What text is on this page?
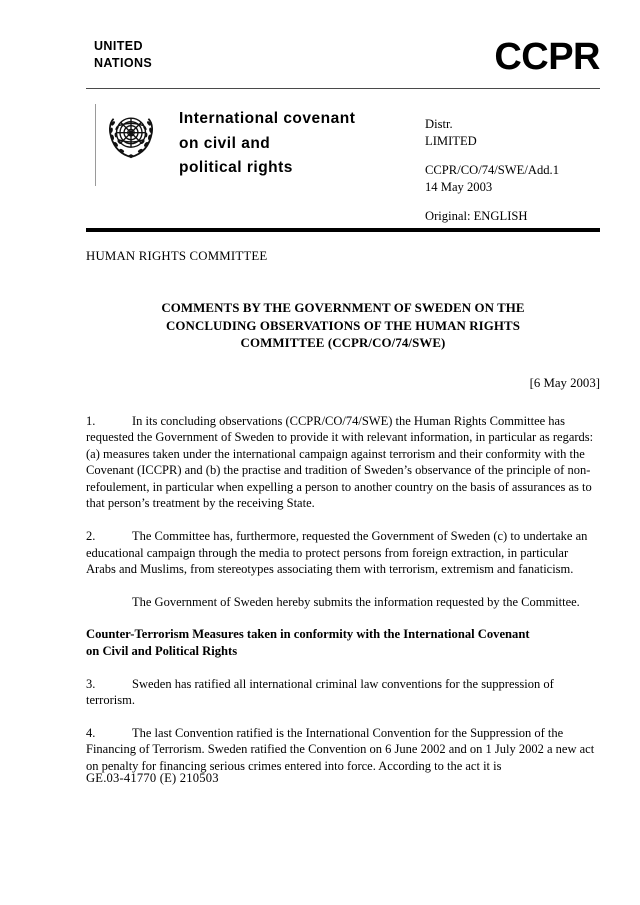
UNITED
NATIONS	CCPR
International covenant
on civil and
political rights
Distr.
LIMITED
CCPR/CO/74/SWE/Add.1
14 May 2003
Original: ENGLISH
HUMAN RIGHTS COMMITTEE
COMMENTS BY THE GOVERNMENT OF SWEDEN ON THE
CONCLUDING OBSERVATIONS OF THE HUMAN RIGHTS
COMMITTEE (CCPR/CO/74/SWE)
[6 May 2003]

1.	In its concluding observations (CCPR/CO/74/SWE) the Human Rights Committee has requested the Government of Sweden to provide it with relevant information, in particular as regards: (a) measures taken under the international campaign against terrorism and their conformity with the Covenant (ICCPR) and (b) the practise and tradition of Sweden’s observance of the principle of non-refoulement, in particular when expelling a person to another country on the basis of assurances as to that person’s treatment by the receiving State.

2.	The Committee has, furthermore, requested the Government of Sweden (c) to undertake an educational campaign through the media to protect persons from foreign extraction, in particular Arabs and Muslims, from stereotypes associating them with terrorism, extremism and fanaticism.

The Government of Sweden hereby submits the information requested by the Committee.

Counter-Terrorism Measures taken in conformity with the International Covenant
on Civil and Political Rights

3.	Sweden has ratified all international criminal law conventions for the suppression of terrorism.

4.	The last Convention ratified is the International Convention for the Suppression of the Financing of Terrorism. Sweden ratified the Convention on 6 June 2002 and on 1 July 2002 a new act on penalty for financing serious crimes entered into force. According to the act it is

GE.03-41770 (E) 210503
